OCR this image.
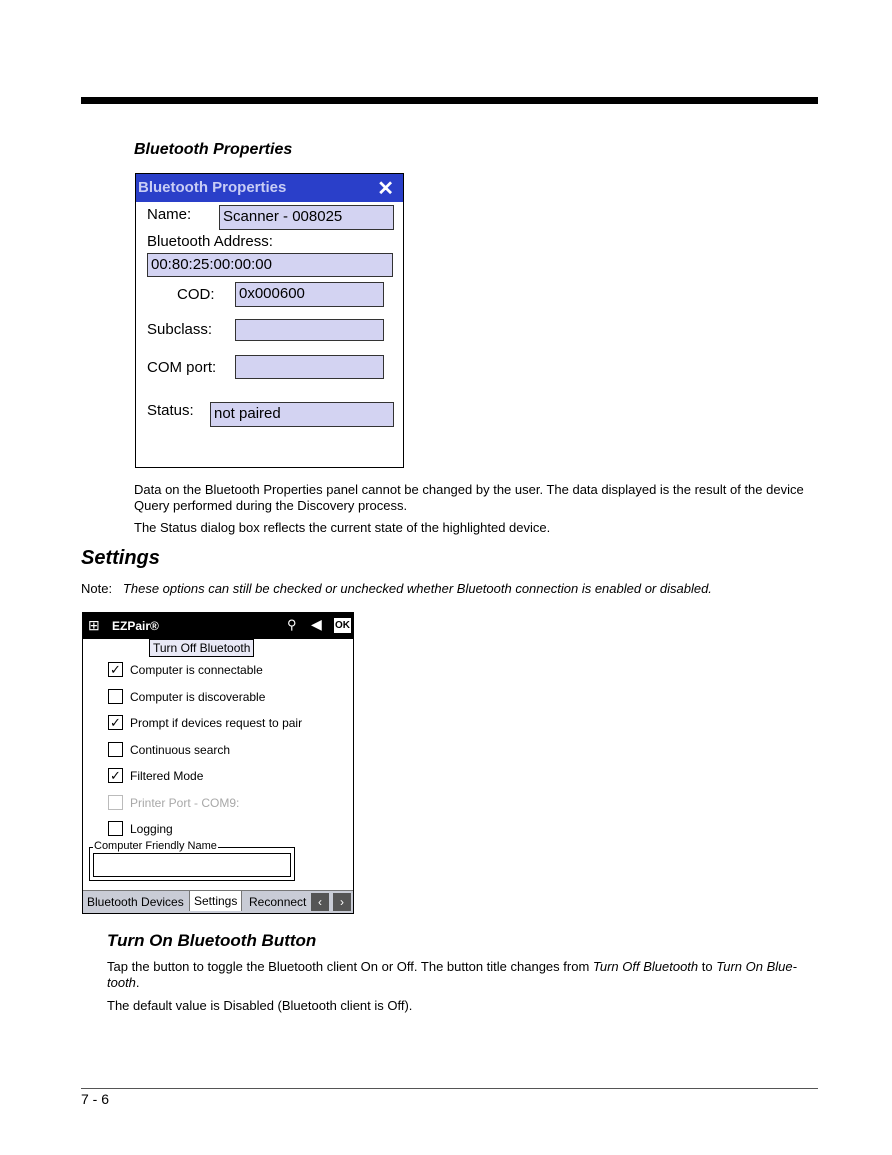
Bluetooth Properties
Bluetooth Properties	✕
Name: Scanner - 008025
Bluetooth Address:
00:80:25:00:00:00
COD: 0x000600
Subclass:
COM port:
Status: not paired
Data on the Bluetooth Properties panel cannot be changed by the user. The data displayed is the result of the device Query performed during the Discovery process.
The Status dialog box reflects the current state of the highlighted device.
Settings
Note: These options can still be checked or unchecked whether Bluetooth connection is enabled or disabled.
⊞ EZPair®	⚲ ◀ OK
Turn Off Bluetooth
✓ Computer is connectable
Computer is discoverable
✓ Prompt if devices request to pair
Continuous search
✓ Filtered Mode
Printer Port - COM9:
Logging
Computer Friendly Name
Bluetooth Devices Settings Reconnect ‹	›
Turn On Bluetooth Button
Tap the button to toggle the Bluetooth client On or Off. The button title changes from Turn Off Bluetooth to Turn On Blue-tooth.
The default value is Disabled (Bluetooth client is Off).
7 - 6
